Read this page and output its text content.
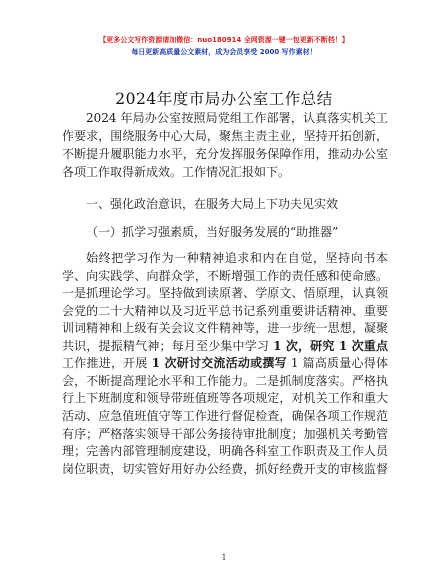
【更多公文写作资源请加微信：nuo180914 全网资源一键一包更新不断档！】
每日更新高质量公文素材，成为会员享受 2000 写作素材！
2024年度市局办公室工作总结
2024 年局办公室按照局党组工作部署，认真落实机关工
作要求，围绕服务中心大局，聚焦主责主业，坚持开拓创新，
不断提升履职能力水平，充分发挥服务保障作用，推动办公室
各项工作取得新成效。工作情况汇报如下。
一、强化政治意识，在服务大局上下功夫见实效
（一）抓学习强素质，当好服务发展的“助推器”
始终把学习作为一种精神追求和内在自觉，坚持向书本
学、向实践学、向群众学，不断增强工作的责任感和使命感。
一是抓理论学习。坚持做到读原著、学原文、悟原理，认真领
会党的二十大精神以及习近平总书记系列重要讲话精神、重要
训词精神和上级有关会议文件精神等，进一步统一思想，凝聚
共识，提振精气神；每月至少集中学习 1 次，研究 1 次重点
工作推进，开展 1 次研讨交流活动或撰写 1 篇高质量心得体
会，不断提高理论水平和工作能力。二是抓制度落实。严格执
行上下班制度和领导带班值班等各项规定，对机关工作和重大
活动、应急值班值守等工作进行督促检查，确保各项工作规范
有序；严格落实领导干部公务接待审批制度；加强机关考勤管
理；完善内部管理制度建设，明确各科室工作职责及工作人员
岗位职责，切实管好用好办公经费，抓好经费开支的审核监督
1
